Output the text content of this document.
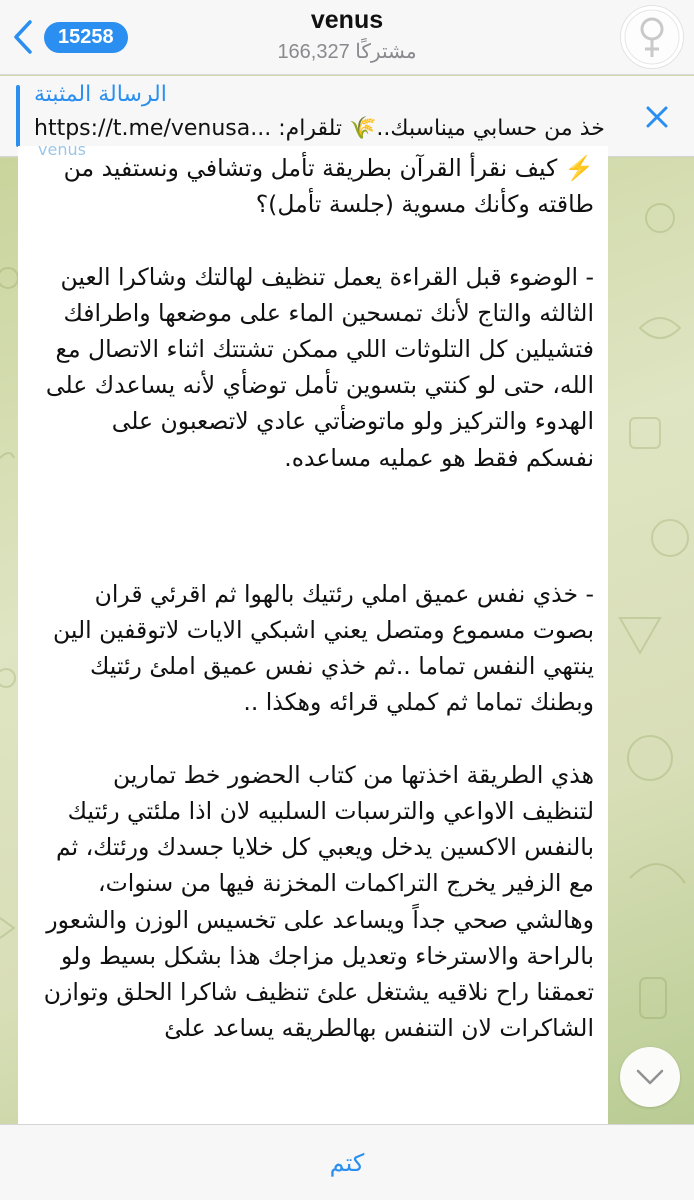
15258
venus
166,327 مشتركًا
الرسالة المثبتة
خذ من حسابي ميناسبك..🌾 تلقرام: ...https://t.me/venusa
venus

⚡️ كيف نقرأ القرآن بطريقة تأمل وتشافي ونستفيد من طاقته وكأنك مسوية (جلسة تأمل)؟

- الوضوء قبل القراءة يعمل تنظيف لهالتك وشاكرا العين الثالثه والتاج لأنك تمسحين الماء على موضعها واطرافك فتشيلين كل التلوثات اللي ممكن تشتتك اثناء الاتصال مع الله، حتى لو كنتي بتسوين تأمل توضأي لأنه يساعدك على الهدوء والتركيز ولو ماتوضأتي عادي لاتصعبون على نفسكم فقط هو عمليه مساعده.

- خذي نفس عميق املي رئتيك بالهوا ثم اقرئي قران بصوت مسموع ومتصل يعني اشبكي الايات لاتوقفين الين ينتهي النفس تماما ..ثم خذي نفس عميق املئ رئتيك وبطنك تماما ثم كملي قرائه وهكذا ..

هذي الطريقة اخذتها من كتاب الحضور خط تمارين لتنظيف الاواعي والترسبات السلبيه لان اذا ملئتي رئتيك بالنفس الاكسين يدخل ويعبي كل خلايا جسدك ورئتك، ثم مع الزفير يخرج التراكمات المخزنة فيها من سنوات، وهالشي صحي جداً ويساعد على تخسيس الوزن والشعور بالراحة والاسترخاء وتعديل مزاجك هذا بشكل بسيط ولو تعمقنا راح نلاقيه يشتغل علئ تنظيف شاكرا الحلق وتوازن الشاكرات لان التنفس بهالطريقه يساعد علئ

كتم
